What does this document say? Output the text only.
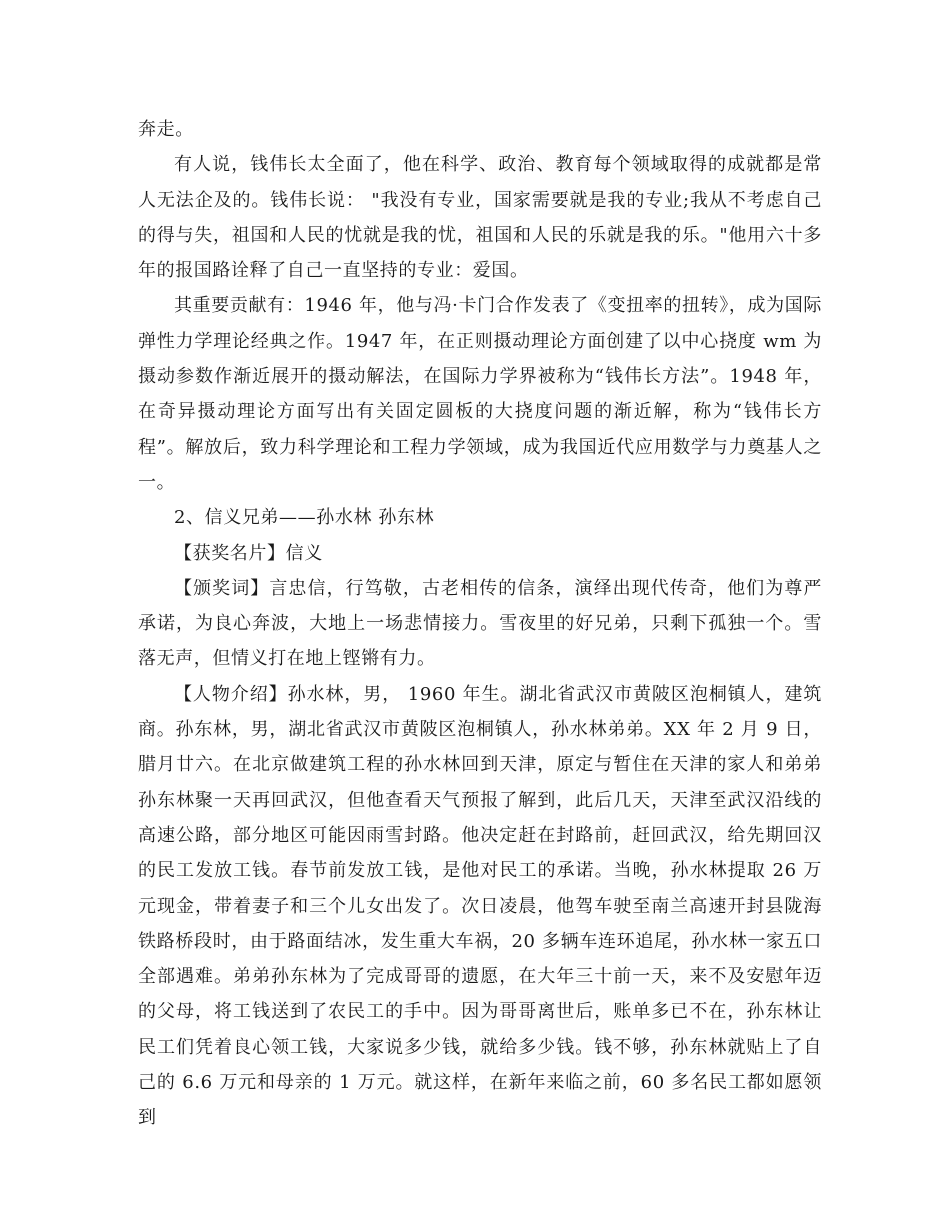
奔走。

有人说，钱伟长太全面了，他在科学、政治、教育每个领域取得的成就都是常人无法企及的。钱伟长说： "我没有专业，国家需要就是我的专业;我从不考虑自己的得与失，祖国和人民的忧就是我的忧，祖国和人民的乐就是我的乐。"他用六十多年的报国路诠释了自己一直坚持的专业：爱国。

其重要贡献有：1946 年，他与冯·卡门合作发表了《变扭率的扭转》，成为国际弹性力学理论经典之作。1947 年，在正则摄动理论方面创建了以中心挠度 wm 为摄动参数作渐近展开的摄动解法，在国际力学界被称为“钱伟长方法”。1948 年，在奇异摄动理论方面写出有关固定圆板的大挠度问题的渐近解，称为“钱伟长方程”。解放后，致力科学理论和工程力学领域，成为我国近代应用数学与力奠基人之一。

2、信义兄弟——孙水林 孙东林

【获奖名片】信义

【颁奖词】言忠信，行笃敬，古老相传的信条，演绎出现代传奇，他们为尊严承诺，为良心奔波，大地上一场悲情接力。雪夜里的好兄弟，只剩下孤独一个。雪落无声，但情义打在地上铿锵有力。

【人物介绍】孙水林，男， 1960 年生。湖北省武汉市黄陂区泡桐镇人，建筑商。孙东林，男，湖北省武汉市黄陂区泡桐镇人，孙水林弟弟。XX 年 2 月 9 日，腊月廿六。在北京做建筑工程的孙水林回到天津，原定与暂住在天津的家人和弟弟孙东林聚一天再回武汉，但他查看天气预报了解到，此后几天，天津至武汉沿线的高速公路，部分地区可能因雨雪封路。他决定赶在封路前，赶回武汉，给先期回汉的民工发放工钱。春节前发放工钱，是他对民工的承诺。当晚，孙水林提取 26 万元现金，带着妻子和三个儿女出发了。次日凌晨，他驾车驶至南兰高速开封县陇海铁路桥段时，由于路面结冰，发生重大车祸，20 多辆车连环追尾，孙水林一家五口全部遇难。弟弟孙东林为了完成哥哥的遗愿，在大年三十前一天，来不及安慰年迈的父母，将工钱送到了农民工的手中。因为哥哥离世后，账单多已不在，孙东林让民工们凭着良心领工钱，大家说多少钱，就给多少钱。钱不够，孙东林就贴上了自己的 6.6 万元和母亲的 1 万元。就这样，在新年来临之前，60 多名民工都如愿领到
